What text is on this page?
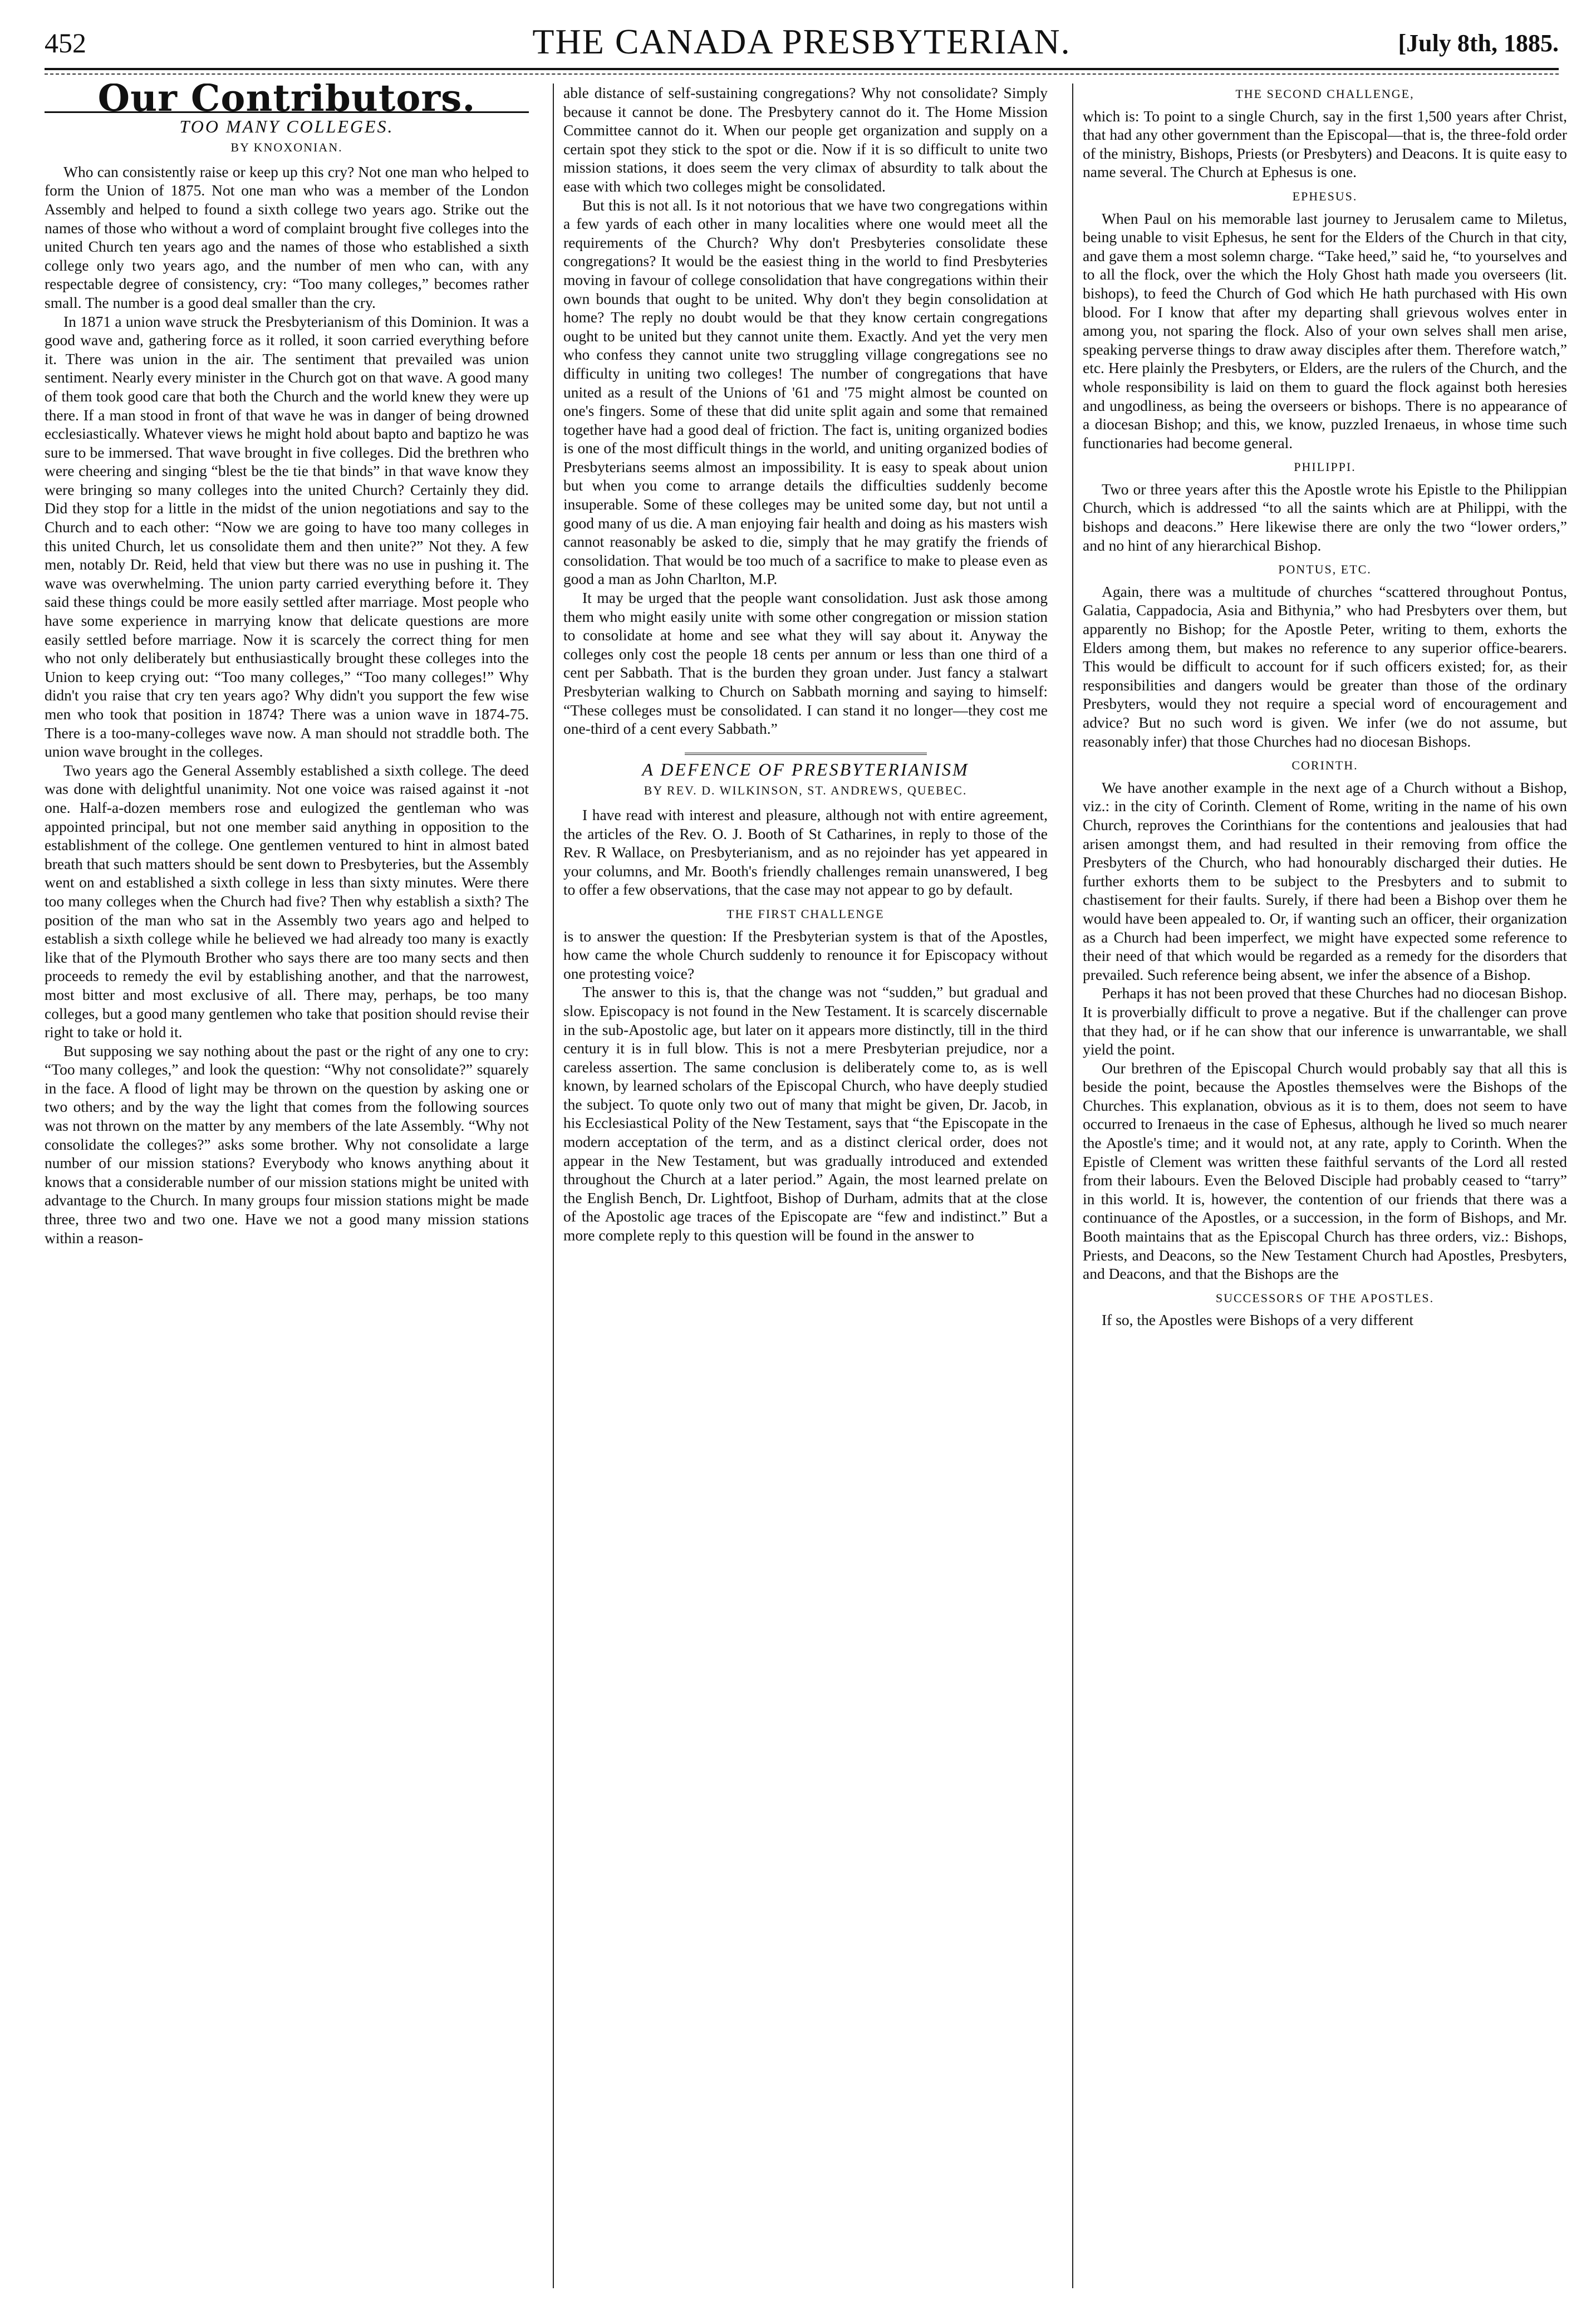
452	THE CANADA PRESBYTERIAN.	[July 8th, 1885.
Our Contributors.
TOO MANY COLLEGES.
BY KNOXONIAN.

Who can consistently raise or keep up this cry? Not one man who helped to form the Union of 1875. Not one man who was a member of the London Assembly and helped to found a sixth college two years ago. Strike out the names of those who without a word of complaint brought five colleges into the united Church ten years ago and the names of those who established a sixth college only two years ago, and the number of men who can, with any respectable degree of consistency, cry: “Too many colleges,” becomes rather small. The number is a good deal smaller than the cry.

In 1871 a union wave struck the Presbyterianism of this Dominion. It was a good wave and, gathering force as it rolled, it soon carried everything before it. There was union in the air. The sentiment that prevailed was union sentiment. Nearly every minister in the Church got on that wave. A good many of them took good care that both the Church and the world knew they were up there. If a man stood in front of that wave he was in danger of being drowned ecclesiastically. Whatever views he might hold about bapto and baptizo he was sure to be immersed. That wave brought in five colleges. Did the brethren who were cheering and singing “blest be the tie that binds” in that wave know they were bringing so many colleges into the united Church? Certainly they did. Did they stop for a little in the midst of the union negotiations and say to the Church and to each other: “Now we are going to have too many colleges in this united Church, let us consolidate them and then unite?” Not they. A few men, notably Dr. Reid, held that view but there was no use in pushing it. The wave was overwhelming. The union party carried everything before it. They said these things could be more easily settled after marriage. Most people who have some experience in marrying know that delicate questions are more easily settled before marriage. Now it is scarcely the correct thing for men who not only deliberately but enthusiastically brought these colleges into the Union to keep crying out: “Too many colleges,” “Too many colleges!” Why didn't you raise that cry ten years ago? Why didn't you support the few wise men who took that position in 1874? There was a union wave in 1874-75. There is a too-many-colleges wave now. A man should not straddle both. The union wave brought in the colleges.

Two years ago the General Assembly established a sixth college. The deed was done with delightful unanimity. Not one voice was raised against it -not one. Half-a-dozen members rose and eulogized the gentleman who was appointed principal, but not one member said anything in opposition to the establishment of the college. One gentlemen ventured to hint in almost bated breath that such matters should be sent down to Presbyteries, but the Assembly went on and established a sixth college in less than sixty minutes. Were there too many colleges when the Church had five? Then why establish a sixth? The position of the man who sat in the Assembly two years ago and helped to establish a sixth college while he believed we had already too many is exactly like that of the Plymouth Brother who says there are too many sects and then proceeds to remedy the evil by establishing another, and that the narrowest, most bitter and most exclusive of all. There may, perhaps, be too many colleges, but a good many gentlemen who take that position should revise their right to take or hold it.

But supposing we say nothing about the past or the right of any one to cry: “Too many colleges,” and look the question: “Why not consolidate?” squarely in the face. A flood of light may be thrown on the question by asking one or two others; and by the way the light that comes from the following sources was not thrown on the matter by any members of the late Assembly. “Why not consolidate the colleges?” asks some brother. Why not consolidate a large number of our mission stations? Everybody who knows anything about it knows that a considerable number of our mission stations might be united with advantage to the Church. In many groups four mission stations might be made three, three two and two one. Have we not a good many mission stations within a reason-

able distance of self-sustaining congregations? Why not consolidate? Simply because it cannot be done. The Presbytery cannot do it. The Home Mission Committee cannot do it. When our people get organization and supply on a certain spot they stick to the spot or die. Now if it is so difficult to unite two mission stations, it does seem the very climax of absurdity to talk about the ease with which two colleges might be consolidated.

But this is not all. Is it not notorious that we have two congregations within a few yards of each other in many localities where one would meet all the requirements of the Church? Why don't Presbyteries consolidate these congregations? It would be the easiest thing in the world to find Presbyteries moving in favour of college consolidation that have congregations within their own bounds that ought to be united. Why don't they begin consolidation at home? The reply no doubt would be that they know certain congregations ought to be united but they cannot unite them. Exactly. And yet the very men who confess they cannot unite two struggling village congregations see no difficulty in uniting two colleges! The number of congregations that have united as a result of the Unions of '61 and '75 might almost be counted on one's fingers. Some of these that did unite split again and some that remained together have had a good deal of friction. The fact is, uniting organized bodies is one of the most difficult things in the world, and uniting organized bodies of Presbyterians seems almost an impossibility. It is easy to speak about union but when you come to arrange details the difficulties suddenly become insuperable. Some of these colleges may be united some day, but not until a good many of us die. A man enjoying fair health and doing as his masters wish cannot reasonably be asked to die, simply that he may gratify the friends of consolidation. That would be too much of a sacrifice to make to please even as good a man as John Charlton, M.P.

It may be urged that the people want consolidation. Just ask those among them who might easily unite with some other congregation or mission station to consolidate at home and see what they will say about it. Anyway the colleges only cost the people 18 cents per annum or less than one third of a cent per Sabbath. That is the burden they groan under. Just fancy a stalwart Presbyterian walking to Church on Sabbath morning and saying to himself: “These colleges must be consolidated. I can stand it no longer—they cost me one-third of a cent every Sabbath.”

A DEFENCE OF PRESBYTERIANISM
BY REV. D. WILKINSON, ST. ANDREWS, QUEBEC.

I have read with interest and pleasure, although not with entire agreement, the articles of the Rev. O. J. Booth of St Catharines, in reply to those of the Rev. R Wallace, on Presbyterianism, and as no rejoinder has yet appeared in your columns, and Mr. Booth's friendly challenges remain unanswered, I beg to offer a few observations, that the case may not appear to go by default.

THE FIRST CHALLENGE

is to answer the question: If the Presbyterian system is that of the Apostles, how came the whole Church suddenly to renounce it for Episcopacy without one protesting voice?

The answer to this is, that the change was not “sudden,” but gradual and slow. Episcopacy is not found in the New Testament. It is scarcely discernable in the sub-Apostolic age, but later on it appears more distinctly, till in the third century it is in full blow. This is not a mere Presbyterian prejudice, nor a careless assertion. The same conclusion is deliberately come to, as is well known, by learned scholars of the Episcopal Church, who have deeply studied the subject. To quote only two out of many that might be given, Dr. Jacob, in his Ecclesiastical Polity of the New Testament, says that “the Episcopate in the modern acceptation of the term, and as a distinct clerical order, does not appear in the New Testament, but was gradually introduced and extended throughout the Church at a later period.” Again, the most learned prelate on the English Bench, Dr. Lightfoot, Bishop of Durham, admits that at the close of the Apostolic age traces of the Episcopate are “few and indistinct.” But a more complete reply to this question will be found in the answer to

THE SECOND CHALLENGE,

which is: To point to a single Church, say in the first 1,500 years after Christ, that had any other government than the Episcopal—that is, the three-fold order of the ministry, Bishops, Priests (or Presbyters) and Deacons. It is quite easy to name several. The Church at Ephesus is one.

EPHESUS.

When Paul on his memorable last journey to Jerusalem came to Miletus, being unable to visit Ephesus, he sent for the Elders of the Church in that city, and gave them a most solemn charge. “Take heed,” said he, “to yourselves and to all the flock, over the which the Holy Ghost hath made you overseers (lit. bishops), to feed the Church of God which He hath purchased with His own blood. For I know that after my departing shall grievous wolves enter in among you, not sparing the flock. Also of your own selves shall men arise, speaking perverse things to draw away disciples after them. Therefore watch,” etc. Here plainly the Presbyters, or Elders, are the rulers of the Church, and the whole responsibility is laid on them to guard the flock against both heresies and ungodliness, as being the overseers or bishops. There is no appearance of a diocesan Bishop; and this, we know, puzzled Irenaeus, in whose time such functionaries had become general.

PHILIPPI.

Two or three years after this the Apostle wrote his Epistle to the Philippian Church, which is addressed “to all the saints which are at Philippi, with the bishops and deacons.” Here likewise there are only the two “lower orders,” and no hint of any hierarchical Bishop.

PONTUS, ETC.

Again, there was a multitude of churches “scattered throughout Pontus, Galatia, Cappadocia, Asia and Bithynia,” who had Presbyters over them, but apparently no Bishop; for the Apostle Peter, writing to them, exhorts the Elders among them, but makes no reference to any superior office-bearers. This would be difficult to account for if such officers existed; for, as their responsibilities and dangers would be greater than those of the ordinary Presbyters, would they not require a special word of encouragement and advice? But no such word is given. We infer (we do not assume, but reasonably infer) that those Churches had no diocesan Bishops.

CORINTH.

We have another example in the next age of a Church without a Bishop, viz.: in the city of Corinth. Clement of Rome, writing in the name of his own Church, reproves the Corinthians for the contentions and jealousies that had arisen amongst them, and had resulted in their removing from office the Presbyters of the Church, who had honourably discharged their duties. He further exhorts them to be subject to the Presbyters and to submit to chastisement for their faults. Surely, if there had been a Bishop over them he would have been appealed to. Or, if wanting such an officer, their organization as a Church had been imperfect, we might have expected some reference to their need of that which would be regarded as a remedy for the disorders that prevailed. Such reference being absent, we infer the absence of a Bishop.

Perhaps it has not been proved that these Churches had no diocesan Bishop. It is proverbially difficult to prove a negative. But if the challenger can prove that they had, or if he can show that our inference is unwarrantable, we shall yield the point.

Our brethren of the Episcopal Church would probably say that all this is beside the point, because the Apostles themselves were the Bishops of the Churches. This explanation, obvious as it is to them, does not seem to have occurred to Irenaeus in the case of Ephesus, although he lived so much nearer the Apostle's time; and it would not, at any rate, apply to Corinth. When the Epistle of Clement was written these faithful servants of the Lord all rested from their labours. Even the Beloved Disciple had probably ceased to “tarry” in this world. It is, however, the contention of our friends that there was a continuance of the Apostles, or a succession, in the form of Bishops, and Mr. Booth maintains that as the Episcopal Church has three orders, viz.: Bishops, Priests, and Deacons, so the New Testament Church had Apostles, Presbyters, and Deacons, and that the Bishops are the

SUCCESSORS OF THE APOSTLES.

If so, the Apostles were Bishops of a very different
